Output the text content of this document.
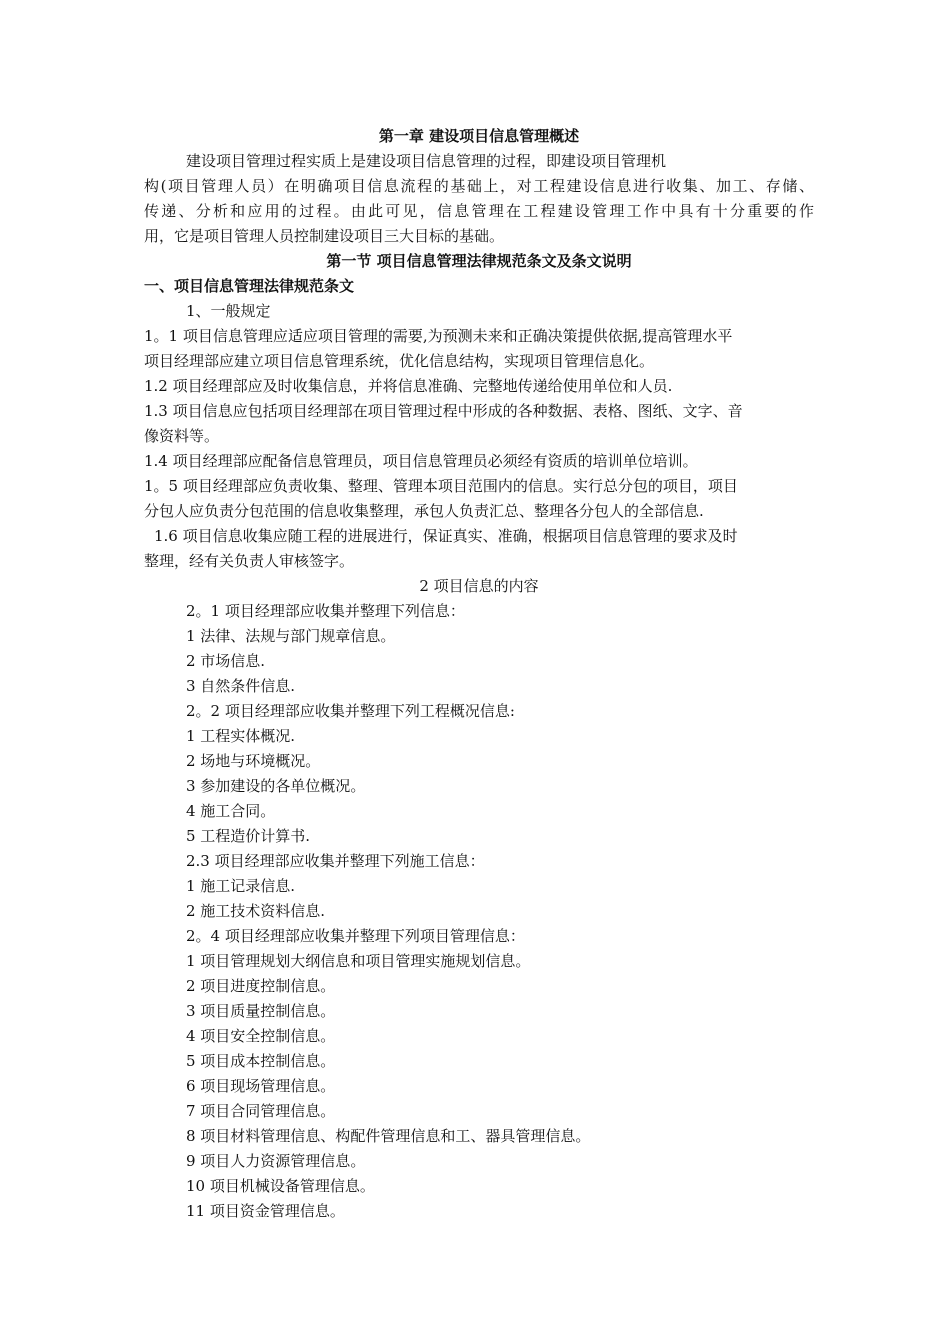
第一章 建设项目信息管理概述
建设项目管理过程实质上是建设项目信息管理的过程，即建设项目管理机
构(项目管理人员）在明确项目信息流程的基础上，对工程建设信息进行收集、加工、存储、
传递、分析和应用的过程。由此可见，信息管理在工程建设管理工作中具有十分重要的作
用，它是项目管理人员控制建设项目三大目标的基础。
第一节 项目信息管理法律规范条文及条文说明
一、项目信息管理法律规范条文
1、一般规定
1。1 项目信息管理应适应项目管理的需要,为预测未来和正确决策提供依据,提高管理水平
项目经理部应建立项目信息管理系统，优化信息结构，实现项目管理信息化。
1.2 项目经理部应及时收集信息，并将信息准确、完整地传递给使用单位和人员.
1.3 项目信息应包括项目经理部在项目管理过程中形成的各种数据、表格、图纸、文字、音
像资料等。
1.4 项目经理部应配备信息管理员，项目信息管理员必须经有资质的培训单位培训。
1。5 项目经理部应负责收集、整理、管理本项目范围内的信息。实行总分包的项目，项目
分包人应负责分包范围的信息收集整理，承包人负责汇总、整理各分包人的全部信息.
1.6 项目信息收集应随工程的进展进行，保证真实、准确，根据项目信息管理的要求及时
整理，经有关负责人审核签字。
2 项目信息的内容
2。1 项目经理部应收集并整理下列信息：
1 法律、法规与部门规章信息。
2 市场信息.
3 自然条件信息.
2。2 项目经理部应收集并整理下列工程概况信息:
1 工程实体概况.
2 场地与环境概况。
3 参加建设的各单位概况。
4 施工合同。
5 工程造价计算书.
2.3 项目经理部应收集并整理下列施工信息：
1 施工记录信息.
2 施工技术资料信息.
2。4 项目经理部应收集并整理下列项目管理信息：
1 项目管理规划大纲信息和项目管理实施规划信息。
2 项目进度控制信息。
3 项目质量控制信息。
4 项目安全控制信息。
5 项目成本控制信息。
6 项目现场管理信息。
7 项目合同管理信息。
8 项目材料管理信息、构配件管理信息和工、器具管理信息。
9 项目人力资源管理信息。
10 项目机械设备管理信息。
11 项目资金管理信息。
